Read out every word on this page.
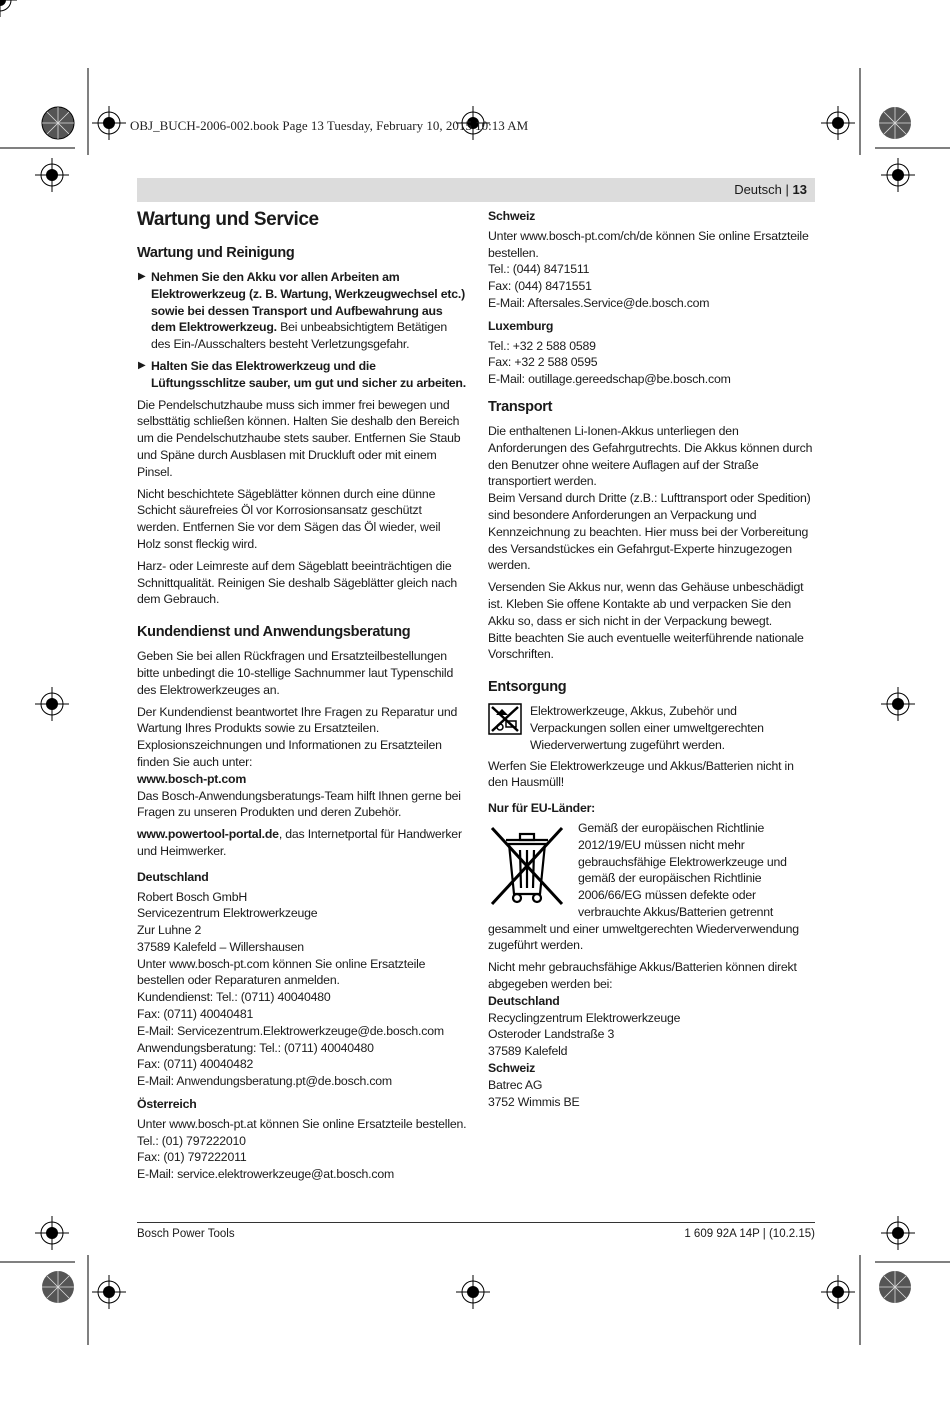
OBJ_BUCH-2006-002.book Page 13 Tuesday, February 10, 2015 10:13 AM
Deutsch | 13
Wartung und Service
Wartung und Reinigung
▶ Nehmen Sie den Akku vor allen Arbeiten am Elektrowerkzeug (z. B. Wartung, Werkzeugwechsel etc.) sowie bei dessen Transport und Aufbewahrung aus dem Elektrowerkzeug. Bei unbeabsichtigtem Betätigen des Ein-/Ausschalters besteht Verletzungsgefahr.
▶ Halten Sie das Elektrowerkzeug und die Lüftungsschlitze sauber, um gut und sicher zu arbeiten.

Die Pendelschutzhaube muss sich immer frei bewegen und selbsttätig schließen können. Halten Sie deshalb den Bereich um die Pendelschutzhaube stets sauber. Entfernen Sie Staub und Späne durch Ausblasen mit Druckluft oder mit einem Pinsel.

Nicht beschichtete Sägeblätter können durch eine dünne Schicht säurefreies Öl vor Korrosionsansatz geschützt werden. Entfernen Sie vor dem Sägen das Öl wieder, weil Holz sonst fleckig wird.

Harz- oder Leimreste auf dem Sägeblatt beeinträchtigen die Schnittqualität. Reinigen Sie deshalb Sägeblätter gleich nach dem Gebrauch.

Kundendienst und Anwendungsberatung

Geben Sie bei allen Rückfragen und Ersatzteilbestellungen bitte unbedingt die 10-stellige Sachnummer laut Typenschild des Elektrowerkzeuges an.

Der Kundendienst beantwortet Ihre Fragen zu Reparatur und Wartung Ihres Produkts sowie zu Ersatzteilen. Explosionszeichnungen und Informationen zu Ersatzteilen finden Sie auch unter:

www.bosch-pt.com

Das Bosch-Anwendungsberatungs-Team hilft Ihnen gerne bei Fragen zu unseren Produkten und deren Zubehör.

www.powertool-portal.de, das Internetportal für Handwerker und Heimwerker.

Deutschland
Robert Bosch GmbH
Servicezentrum Elektrowerkzeuge
Zur Luhne 2
37589 Kalefeld – Willershausen
Unter www.bosch-pt.com können Sie online Ersatzteile bestellen oder Reparaturen anmelden.
Kundendienst: Tel.: (0711) 40040480
Fax: (0711) 40040481
E-Mail: Servicezentrum.Elektrowerkzeuge@de.bosch.com
Anwendungsberatung: Tel.: (0711) 40040480
Fax: (0711) 40040482
E-Mail: Anwendungsberatung.pt@de.bosch.com
Österreich
Unter www.bosch-pt.at können Sie online Ersatzteile bestellen.
Tel.: (01) 797222010
Fax: (01) 797222011
E-Mail: service.elektrowerkzeuge@at.bosch.com
Schweiz
Unter www.bosch-pt.com/ch/de können Sie online Ersatzteile bestellen.
Tel.: (044) 8471511
Fax: (044) 8471551
E-Mail: Aftersales.Service@de.bosch.com
Luxemburg
Tel.: +32 2 588 0589
Fax: +32 2 588 0595
E-Mail: outillage.gereedschap@be.bosch.com
Transport

Die enthaltenen Li-Ionen-Akkus unterliegen den Anforderungen des Gefahrgutrechts. Die Akkus können durch den Benutzer ohne weitere Auflagen auf der Straße transportiert werden.

Beim Versand durch Dritte (z.B.: Lufttransport oder Spedition) sind besondere Anforderungen an Verpackung und Kennzeichnung zu beachten. Hier muss bei der Vorbereitung des Versandstückes ein Gefahrgut-Experte hinzugezogen werden.

Versenden Sie Akkus nur, wenn das Gehäuse unbeschädigt ist. Kleben Sie offene Kontakte ab und verpacken Sie den Akku so, dass er sich nicht in der Verpackung bewegt.

Bitte beachten Sie auch eventuelle weiterführende nationale Vorschriften.

Entsorgung
Elektrowerkzeuge, Akkus, Zubehör und Verpackungen sollen einer umweltgerechten Wiederverwertung zugeführt werden.

Werfen Sie Elektrowerkzeuge und Akkus/Batterien nicht in den Hausmüll!

Nur für EU-Länder:
Gemäß der europäischen Richtlinie 2012/19/EU müssen nicht mehr gebrauchsfähige Elektrowerkzeuge und gemäß der europäischen Richtlinie 2006/66/EG müssen defekte oder verbrauchte Akkus/Batterien getrennt gesammelt und einer umweltgerechten Wiederverwendung zugeführt werden.

Nicht mehr gebrauchsfähige Akkus/Batterien können direkt abgegeben werden bei:

Deutschland
Recyclingzentrum Elektrowerkzeuge
Osteroder Landstraße 3
37589 Kalefeld
Schweiz
Batrec AG
3752 Wimmis BE
Bosch Power Tools	1 609 92A 14P | (10.2.15)
